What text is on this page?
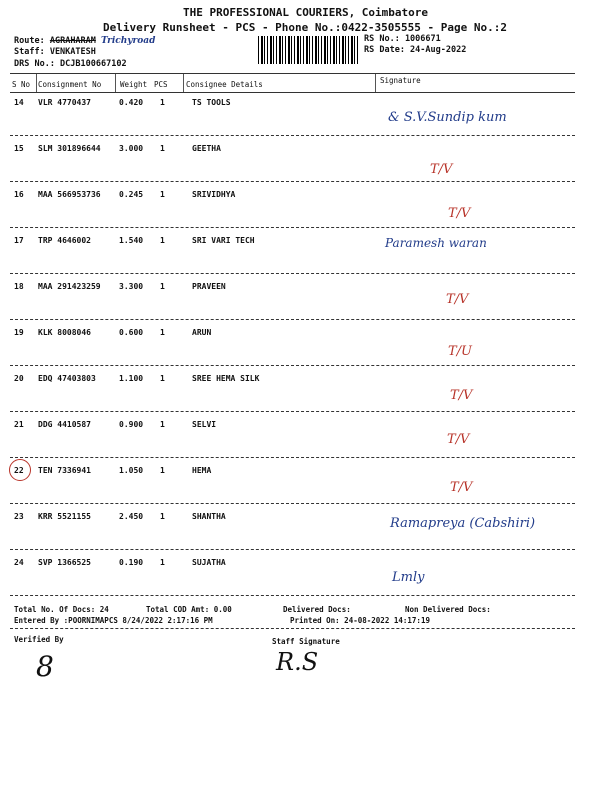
THE PROFESSIONAL COURIERS, Coimbatore
Delivery Runsheet - PCS - Phone No.:0422-3505555 - Page No.:2
Route: AGRAHARAM Trichyroad
Staff: VENKATESH
DRS No.: DCJB100667102
RS No.: 1006671
RS Date: 24-Aug-2022
S No Consignment No	Weight PCS Consignee Details	Signature
14 VLR 4770437	0.420 1	TS TOOLS
& S.V.Sundip kum
15 SLM 301896644 3.000 1	GEETHA
T/V
16 MAA 566953736 0.245 1	SRIVIDHYA
T/V
17 TRP 4646002	1.540 1	SRI VARI TECH	Paramesh waran
18 MAA 291423259 3.300 1	PRAVEEN
T/V
19 KLK 8008046	0.600 1	ARUN
T/U
20 EDQ 47403803	1.100 1	SREE HEMA SILK
T/V
21 DDG 4410587	0.900 1	SELVI
T/V
22 TEN 7336941	1.050 1	HEMA
T/V
23 KRR 5521155	2.450 1	SHANTHA	Ramapreya (Cabshiri)
24 SVP 1366525	0.190 1	SUJATHA
Lmly
Total No. Of Docs: 24	Total COD Amt: 0.00	Delivered Docs:	Non Delivered Docs:
Entered By :POORNIMAPCS 8/24/2022 2:17:16 PM	Printed On: 24-08-2022 14:17:19
Verified By
8
Staff Signature
R.S
